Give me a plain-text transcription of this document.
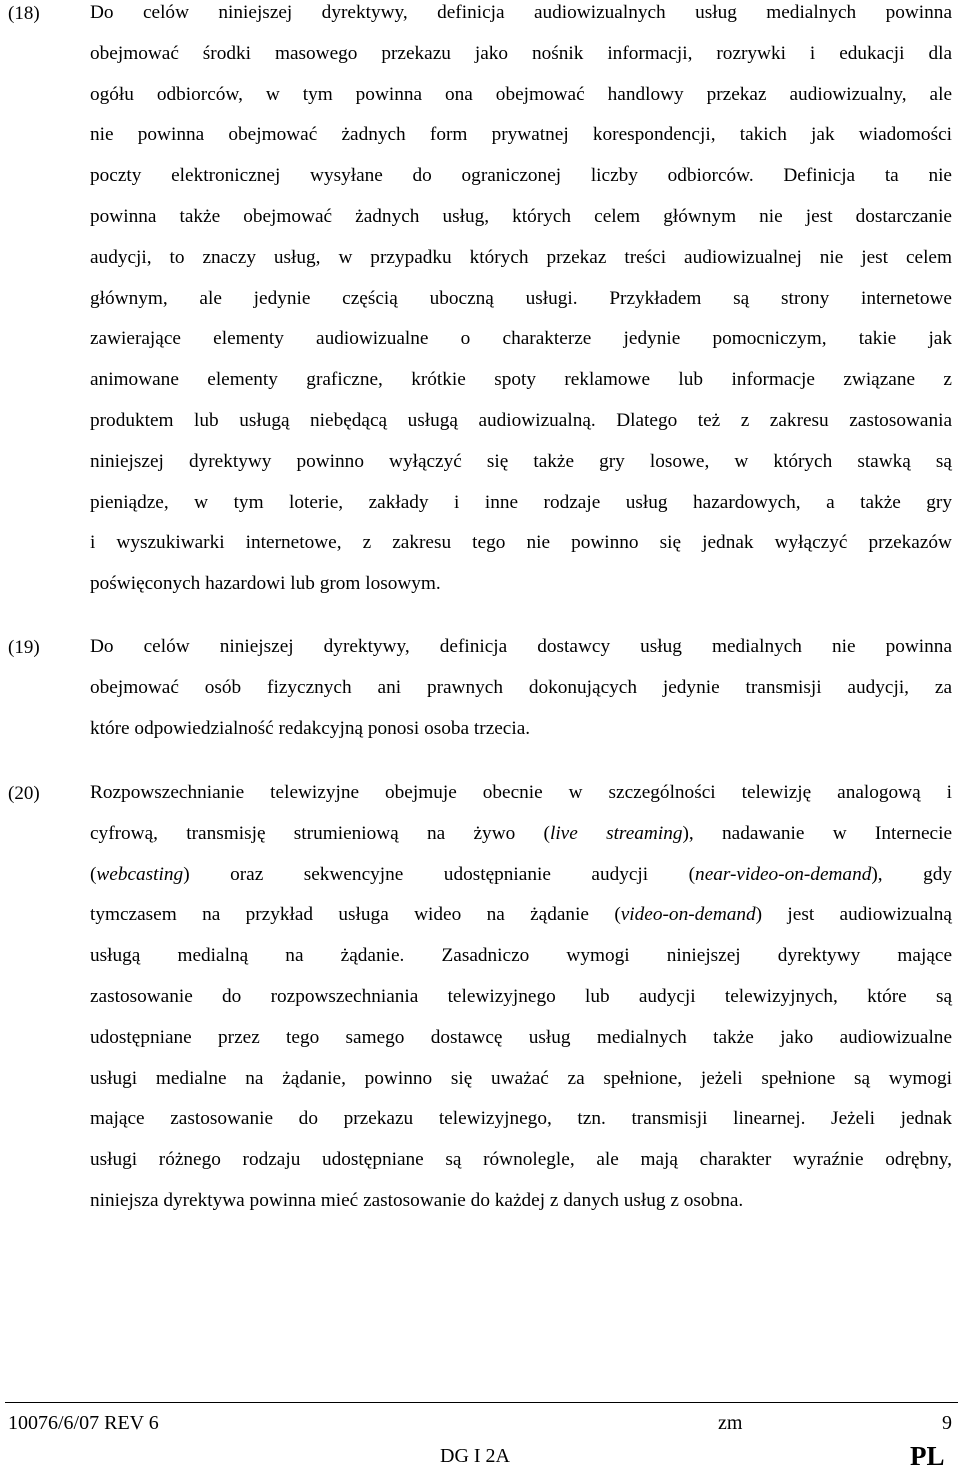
(18)	Do celów niniejszej dyrektywy, definicja audiowizualnych usług medialnych powinna
obejmować środki masowego przekazu jako nośnik informacji, rozrywki i edukacji dla
ogółu odbiorców, w tym powinna ona obejmować handlowy przekaz audiowizualny, ale
nie powinna obejmować żadnych form prywatnej korespondencji, takich jak wiadomości
poczty elektronicznej wysyłane do ograniczonej liczby odbiorców. Definicja ta nie
powinna także obejmować żadnych usług, których celem głównym nie jest dostarczanie
audycji, to znaczy usług, w przypadku których przekaz treści audiowizualnej nie jest celem
głównym, ale jedynie częścią uboczną usługi. Przykładem są strony internetowe
zawierające elementy audiowizualne o charakterze jedynie pomocniczym, takie jak
animowane elementy graficzne, krótkie spoty reklamowe lub informacje związane z
produktem lub usługą niebędącą usługą audiowizualną. Dlatego też z zakresu zastosowania
niniejszej dyrektywy powinno wyłączyć się także gry losowe, w których stawką są
pieniądze, w tym loterie, zakłady i inne rodzaje usług hazardowych, a także gry
i wyszukiwarki internetowe, z zakresu tego nie powinno się jednak wyłączyć przekazów
poświęconych hazardowi lub grom losowym.
(19)	Do celów niniejszej dyrektywy, definicja dostawcy usług medialnych nie powinna
obejmować osób fizycznych ani prawnych dokonujących jedynie transmisji audycji, za
które odpowiedzialność redakcyjną ponosi osoba trzecia.
(20)	Rozpowszechnianie telewizyjne obejmuje obecnie w szczególności telewizję analogową i
cyfrową, transmisję strumieniową na żywo (live streaming), nadawanie w Internecie
(webcasting) oraz sekwencyjne udostępnianie audycji (near-video-on-demand), gdy
tymczasem na przykład usługa wideo na żądanie (video-on-demand) jest audiowizualną
usługą medialną na żądanie. Zasadniczo wymogi niniejszej dyrektywy mające
zastosowanie do rozpowszechniania telewizyjnego lub audycji telewizyjnych, które są
udostępniane przez tego samego dostawcę usług medialnych także jako audiowizualne
usługi medialne na żądanie, powinno się uważać za spełnione, jeżeli spełnione są wymogi
mające zastosowanie do przekazu telewizyjnego, tzn. transmisji linearnej. Jeżeli jednak
usługi różnego rodzaju udostępniane są równolegle, ale mają charakter wyraźnie odrębny,
niniejsza dyrektywa powinna mieć zastosowanie do każdej z danych usług z osobna.
10076/6/07 REV 6	zm	9
DG I 2A	PL
